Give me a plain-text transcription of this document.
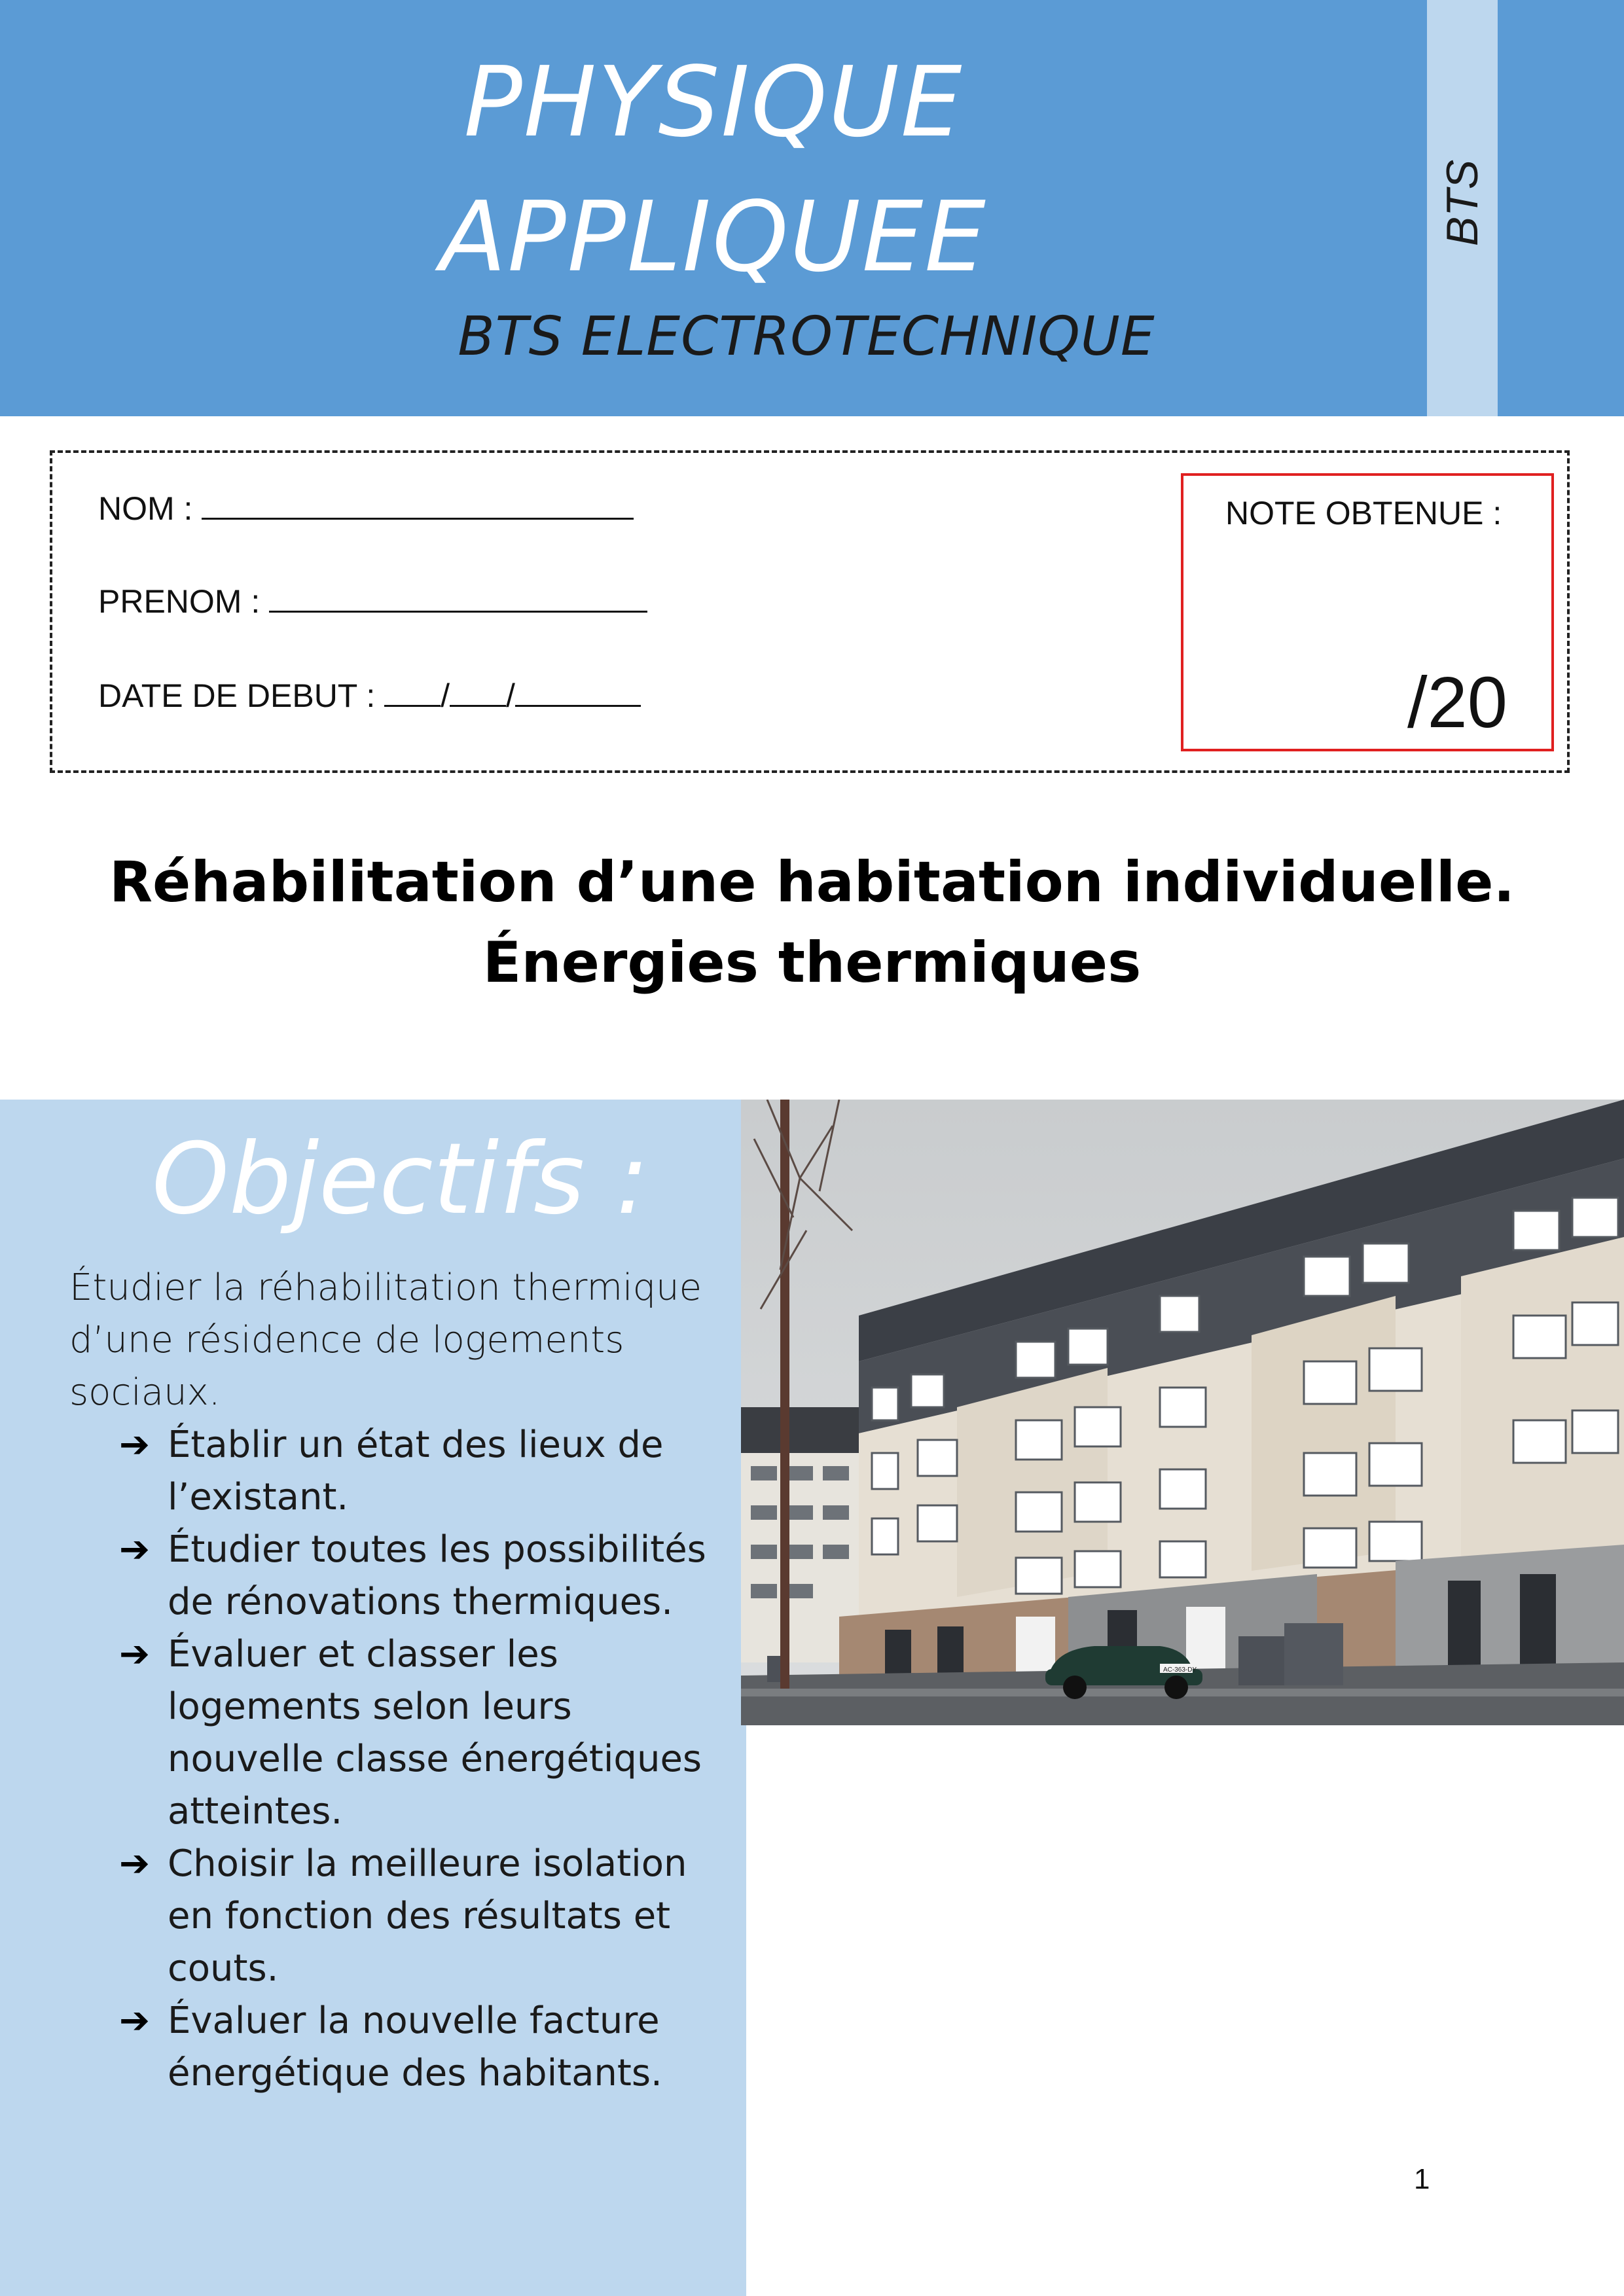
PHYSIQUE
APPLIQUEE
BTS ELECTROTECHNIQUE
BTS
NOM :
PRENOM :
DATE DE DEBUT : / /
NOTE OBTENUE :
/20
Réhabilitation d’une habitation individuelle.
Énergies thermiques
Objectifs :
Étudier la réhabilitation thermique d’une résidence de logements sociaux.
➔ Établir un état des lieux de l’existant.
➔ Étudier toutes les possibilités de rénovations thermiques.
➔ Évaluer et classer les logements selon leurs nouvelle classe énergétiques atteintes.
➔ Choisir la meilleure isolation en fonction des résultats et couts.
➔ Évaluer la nouvelle facture énergétique des habitants.
AC-363-DY
1
